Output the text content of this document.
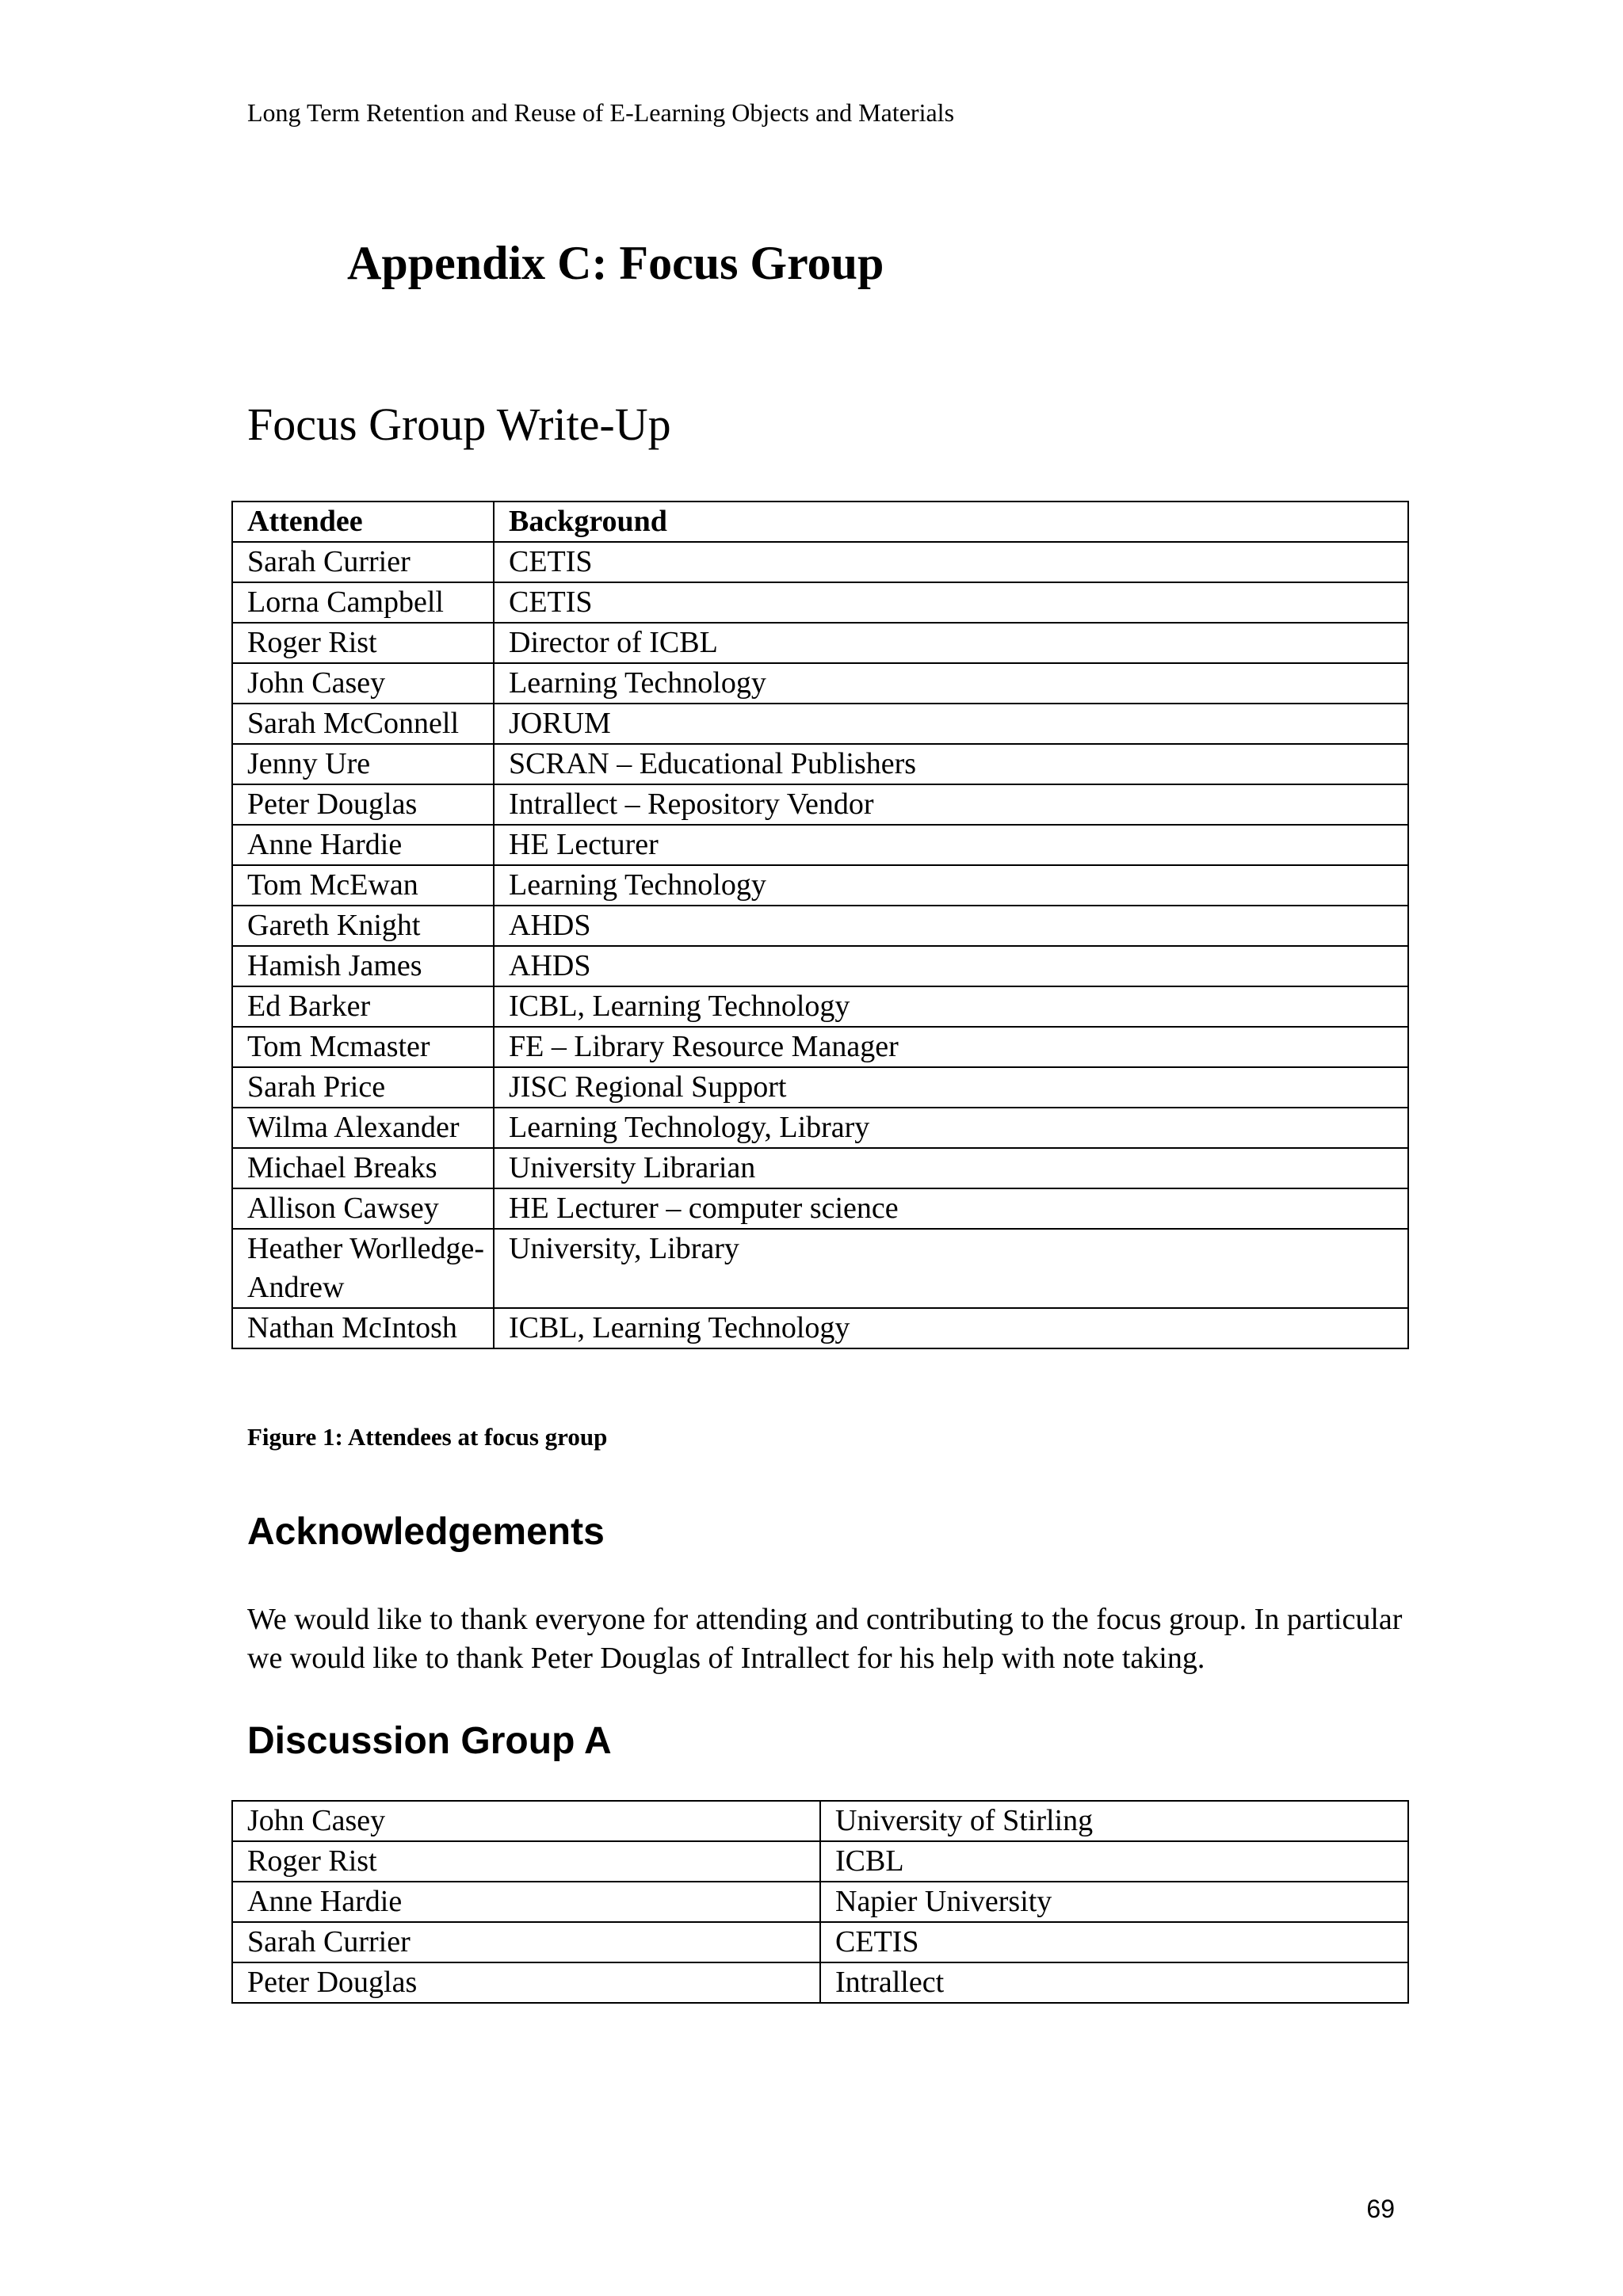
Long Term Retention and Reuse of E-Learning Objects and Materials
Appendix C: Focus Group
Focus Group Write-Up
Attendee	Background
Sarah Currier	CETIS
Lorna Campbell	CETIS
Roger Rist	Director of ICBL
John Casey	Learning Technology
Sarah McConnell	JORUM
Jenny Ure	SCRAN – Educational Publishers
Peter Douglas	Intrallect – Repository Vendor
Anne Hardie	HE Lecturer
Tom McEwan	Learning Technology
Gareth Knight	AHDS
Hamish James	AHDS
Ed Barker	ICBL, Learning Technology
Tom Mcmaster	FE – Library Resource Manager
Sarah Price	JISC Regional Support
Wilma Alexander	Learning Technology, Library
Michael Breaks	University Librarian
Allison Cawsey	HE Lecturer – computer science
Heather Worlledge-Andrew	University, Library
Nathan McIntosh	ICBL, Learning Technology
Figure 1: Attendees at focus group
Acknowledgements

We would like to thank everyone for attending and contributing to the focus group. In particular we would like to thank Peter Douglas of Intrallect for his help with note taking.

Discussion Group A
John Casey	University of Stirling
Roger Rist	ICBL
Anne Hardie	Napier University
Sarah Currier	CETIS
Peter Douglas	Intrallect
69
